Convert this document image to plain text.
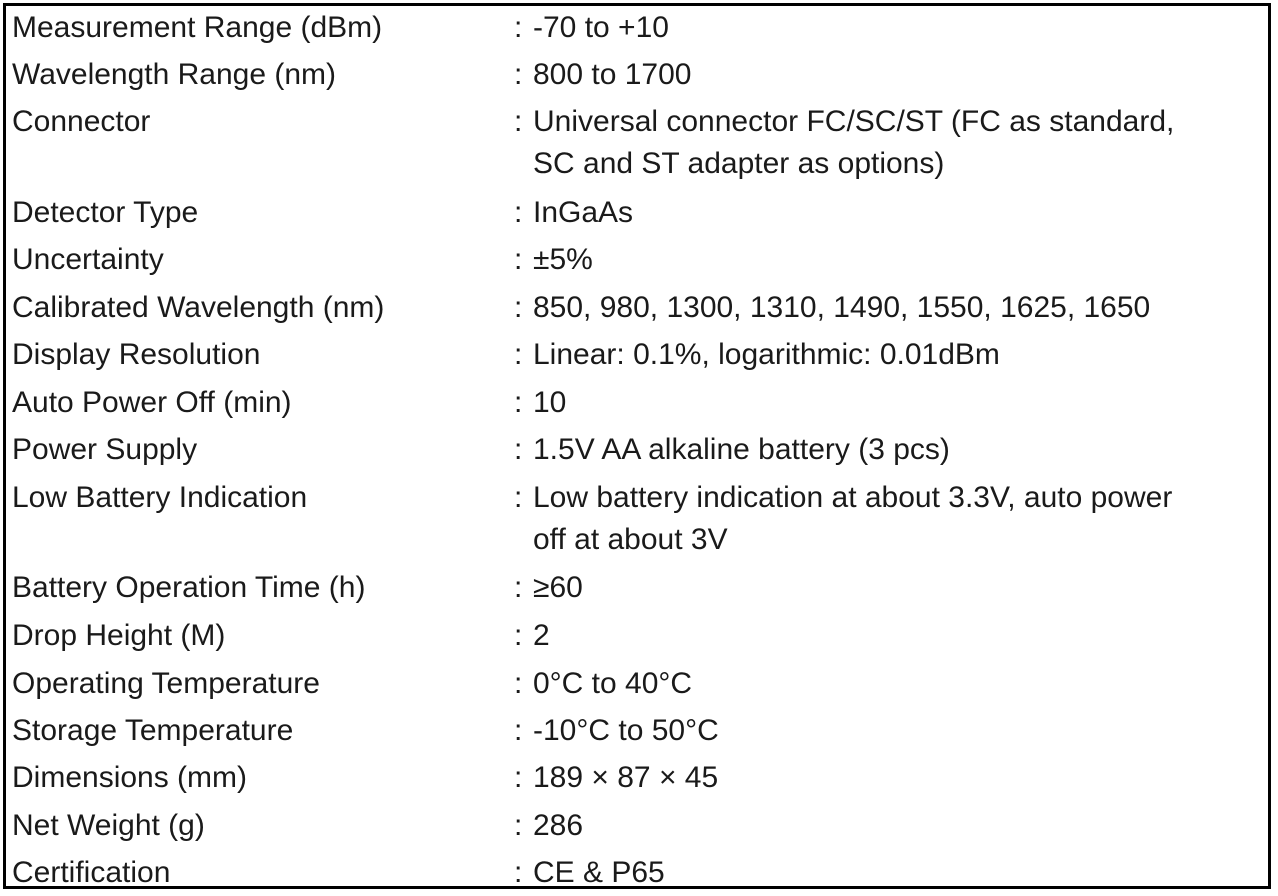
Measurement Range (dBm)	: -70 to +10
Wavelength Range (nm)	: 800 to 1700
Connector	: Universal connector FC/SC/ST (FC as standard,
SC and ST adapter as options)
Detector Type	: InGaAs
Uncertainty	: ±5%
Calibrated Wavelength (nm)	: 850, 980, 1300, 1310, 1490, 1550, 1625, 1650
Display Resolution	: Linear: 0.1%, logarithmic: 0.01dBm
Auto Power Off (min)	: 10
Power Supply	: 1.5V AA alkaline battery (3 pcs)
Low Battery Indication	: Low battery indication at about 3.3V, auto power
off at about 3V
Battery Operation Time (h)	: ≥60
Drop Height (M)	: 2
Operating Temperature	: 0°C to 40°C
Storage Temperature	: -10°C to 50°C
Dimensions (mm)	: 189 × 87 × 45
Net Weight (g)	: 286
Certification	: CE & P65
